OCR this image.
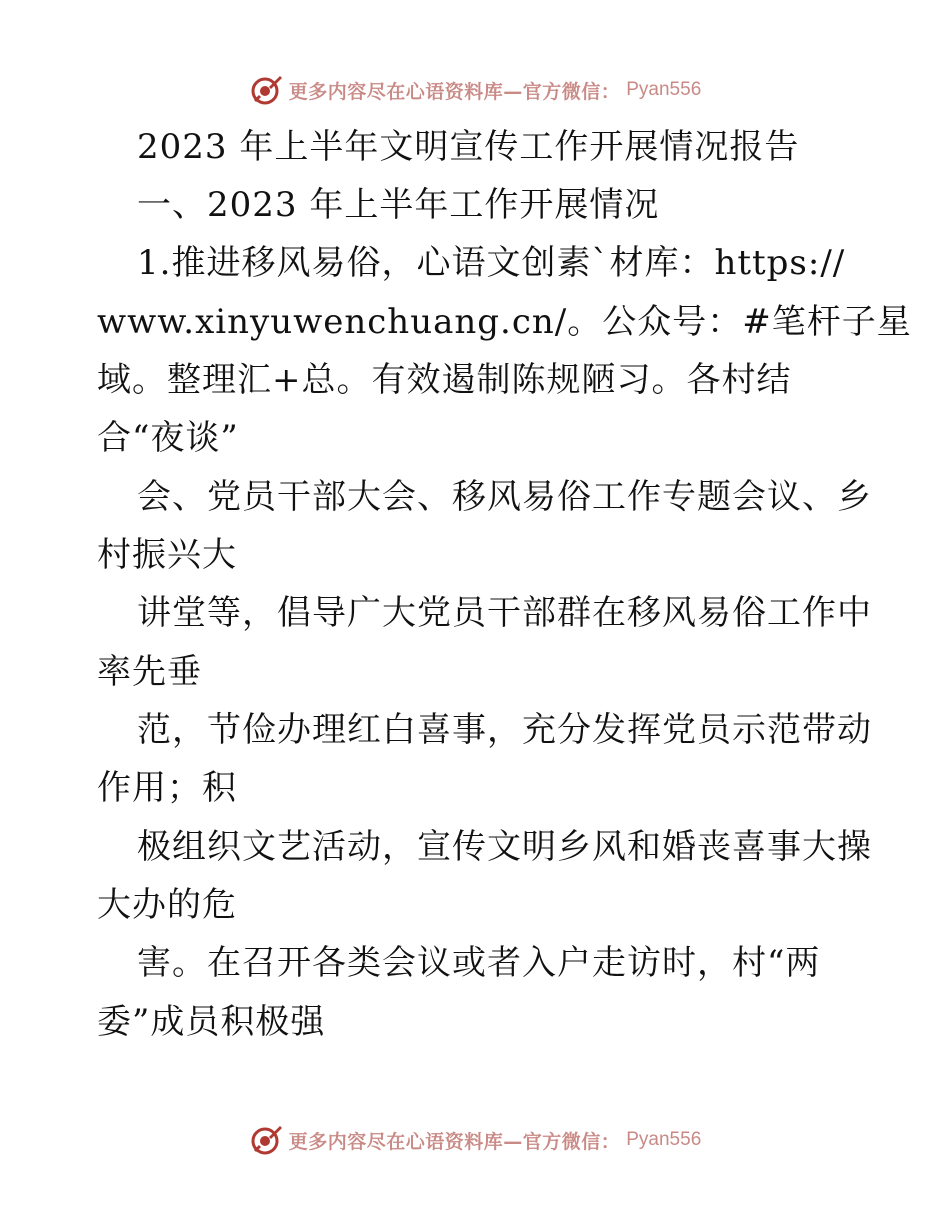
更多内容尽在心语资料库—官方微信： Pyan556
2023 年上半年文明宣传工作开展情况报告
一、2023 年上半年工作开展情况
1.推进移风易俗，心语文创素`材库：https://
www.xinyuwenchuang.cn/。公众号：#笔杆子星
域。整理汇+总。有效遏制陈规陋习。各村结
合“夜谈”
会、党员干部大会、移风易俗工作专题会议、乡
村振兴大
讲堂等，倡导广大党员干部群在移风易俗工作中
率先垂
范，节俭办理红白喜事，充分发挥党员示范带动
作用；积
极组织文艺活动，宣传文明乡风和婚丧喜事大操
大办的危
害。在召开各类会议或者入户走访时，村“两
委”成员积极强
更多内容尽在心语资料库—官方微信： Pyan556
